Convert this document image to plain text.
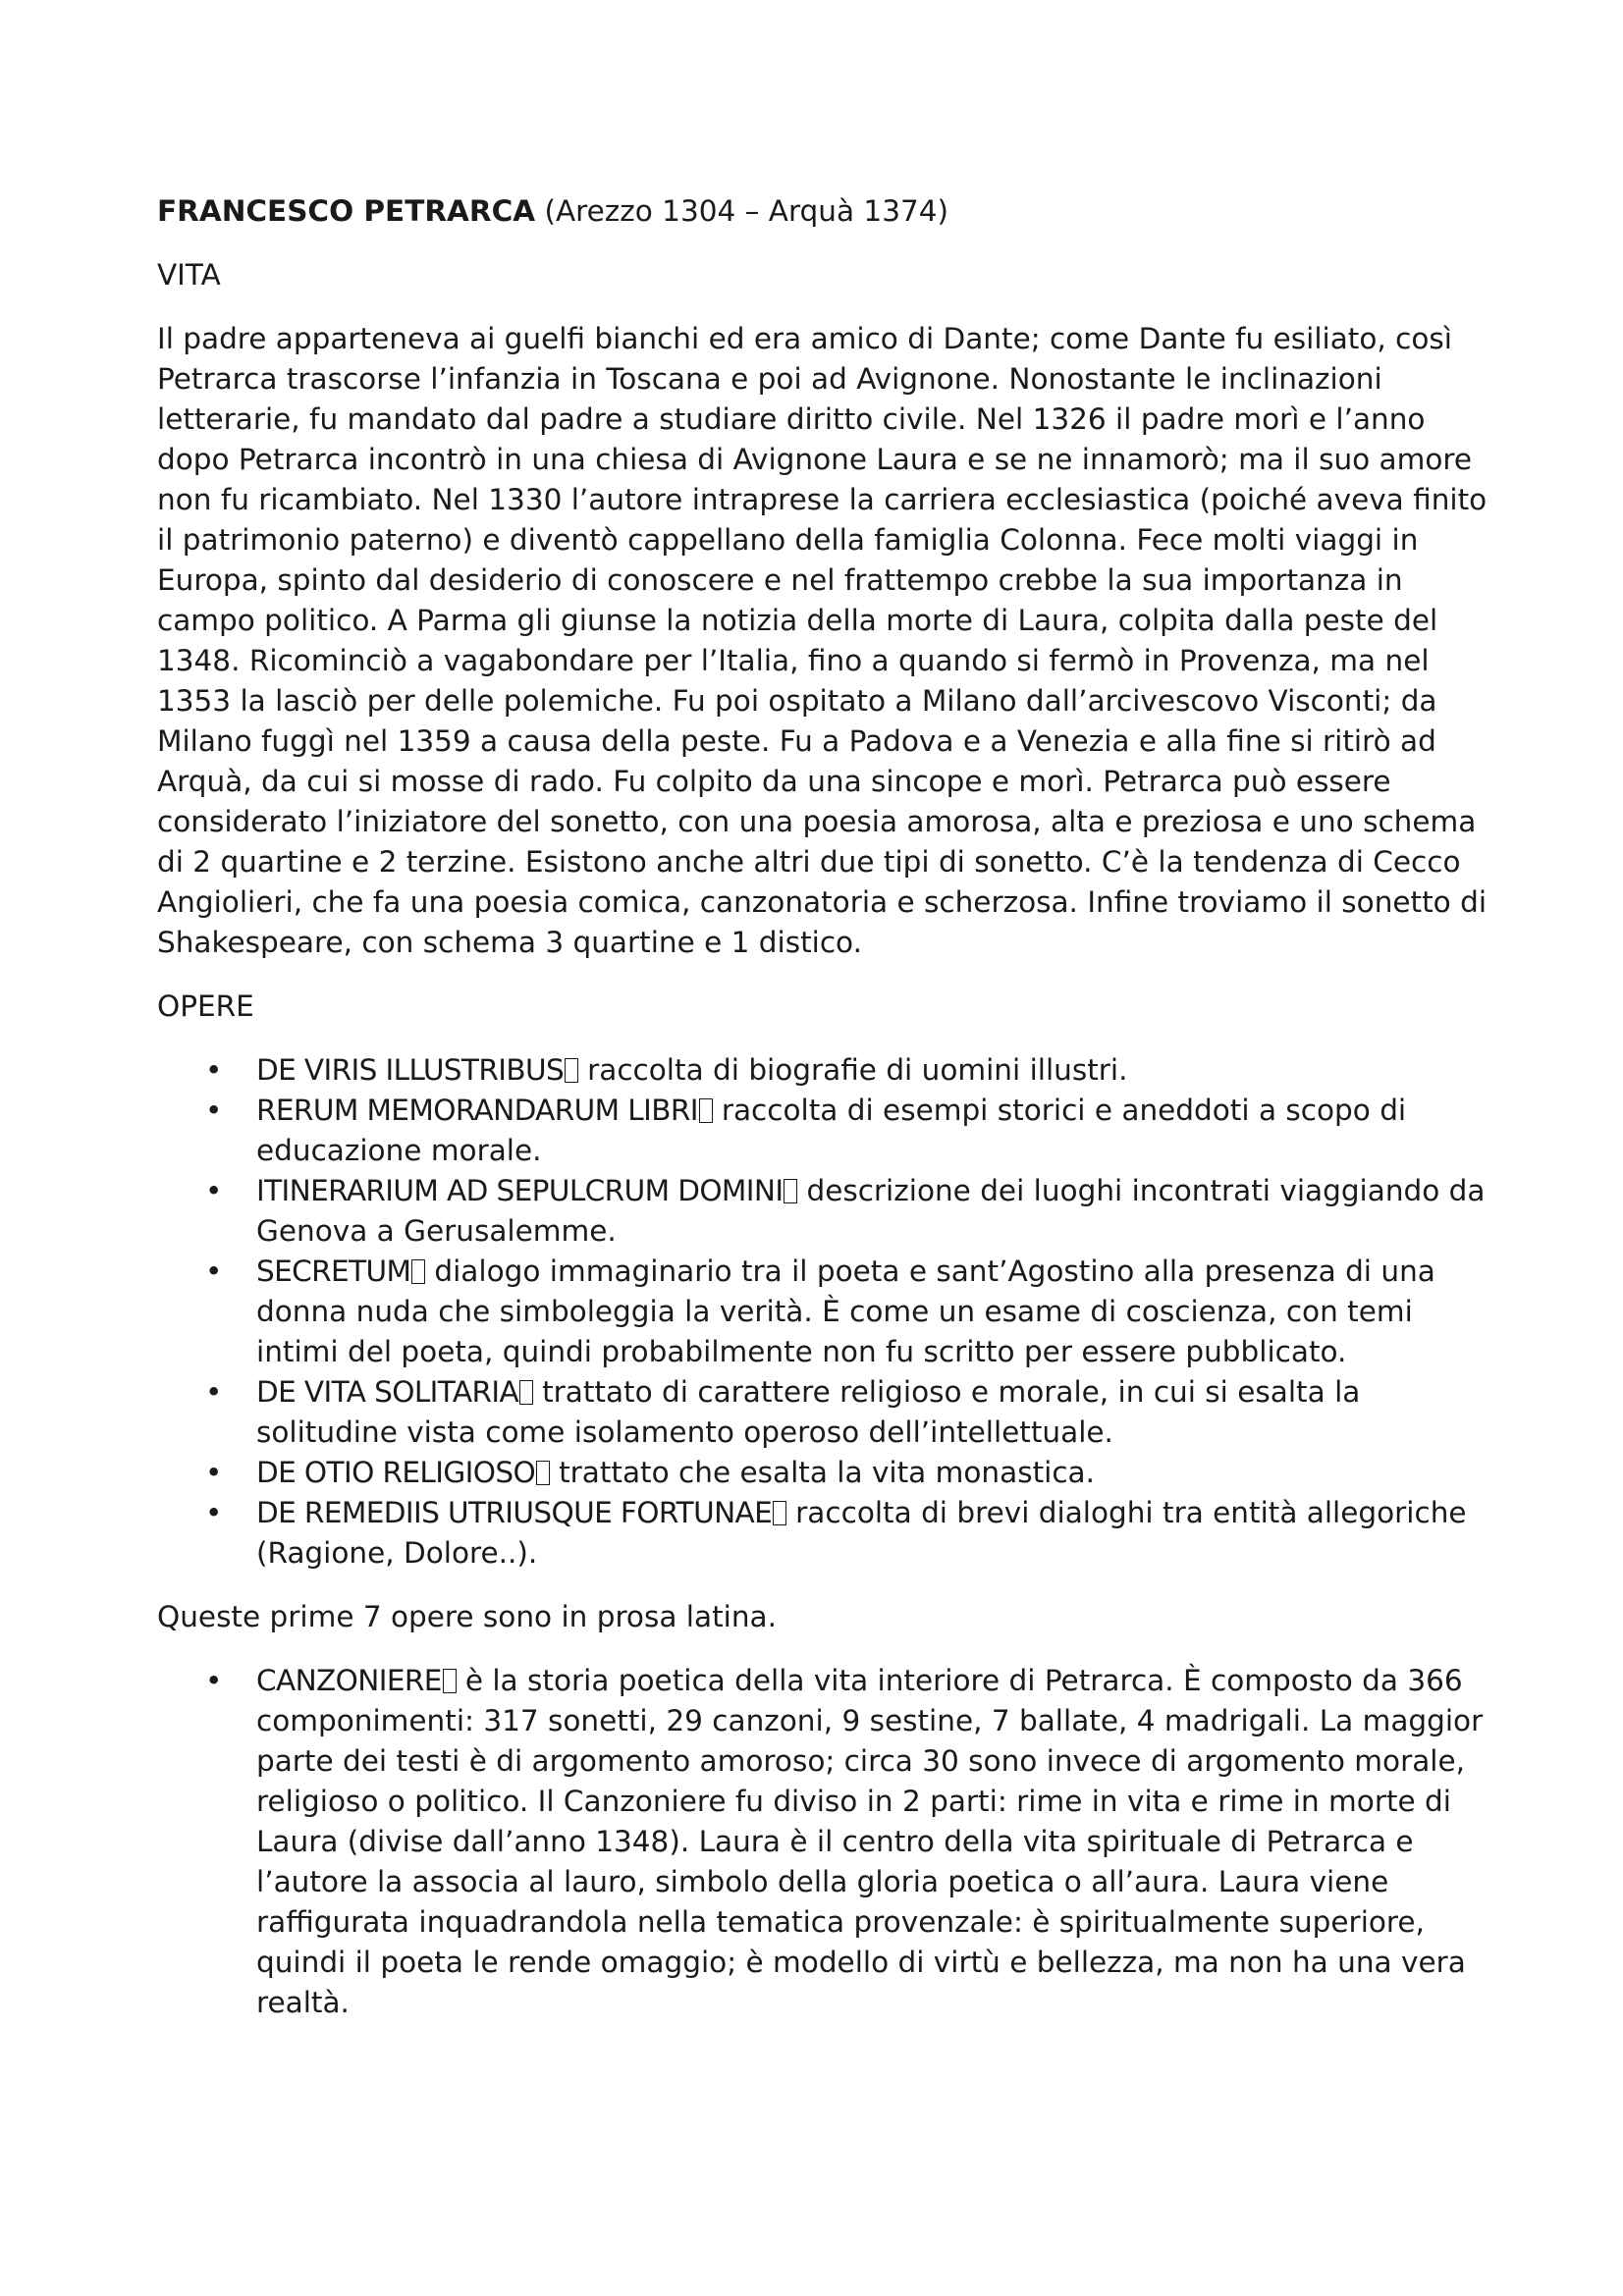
FRANCESCO PETRARCA (Arezzo 1304 – Arquà 1374)

VITA

Il padre apparteneva ai guelfi bianchi ed era amico di Dante; come Dante fu esiliato, così Petrarca trascorse l’infanzia in Toscana e poi ad Avignone. Nonostante le inclinazioni letterarie, fu mandato dal padre a studiare diritto civile. Nel 1326 il padre morì e l’anno dopo Petrarca incontrò in una chiesa di Avignone Laura e se ne innamorò; ma il suo amore non fu ricambiato. Nel 1330 l’autore intraprese la carriera ecclesiastica (poiché aveva finito il patrimonio paterno) e diventò cappellano della famiglia Colonna. Fece molti viaggi in Europa, spinto dal desiderio di conoscere e nel frattempo crebbe la sua importanza in campo politico. A Parma gli giunse la notizia della morte di Laura, colpita dalla peste del 1348. Ricominciò a vagabondare per l’Italia, fino a quando si fermò in Provenza, ma nel 1353 la lasciò per delle polemiche. Fu poi ospitato a Milano dall’arcivescovo Visconti; da Milano fuggì nel 1359 a causa della peste. Fu a Padova e a Venezia e alla fine si ritirò ad Arquà, da cui si mosse di rado. Fu colpito da una sincope e morì. Petrarca può essere considerato l’iniziatore del sonetto, con una poesia amorosa, alta e preziosa e uno schema di 2 quartine e 2 terzine. Esistono anche altri due tipi di sonetto. C’è la tendenza di Cecco Angiolieri, che fa una poesia comica, canzonatoria e scherzosa. Infine troviamo il sonetto di Shakespeare, con schema 3 quartine e 1 distico.

OPERE

• DE VIRIS ILLUSTRIBUS raccolta di biografie di uomini illustri.
• RERUM MEMORANDARUM LIBRI raccolta di esempi storici e aneddoti a scopo di educazione morale.
• ITINERARIUM AD SEPULCRUM DOMINI descrizione dei luoghi incontrati viaggiando da Genova a Gerusalemme.
• SECRETUM dialogo immaginario tra il poeta e sant’Agostino alla presenza di una donna nuda che simboleggia la verità. È come un esame di coscienza, con temi intimi del poeta, quindi probabilmente non fu scritto per essere pubblicato.
• DE VITA SOLITARIA trattato di carattere religioso e morale, in cui si esalta la solitudine vista come isolamento operoso dell’intellettuale.
• DE OTIO RELIGIOSO trattato che esalta la vita monastica.
• DE REMEDIIS UTRIUSQUE FORTUNAE raccolta di brevi dialoghi tra entità allegoriche (Ragione, Dolore..).

Queste prime 7 opere sono in prosa latina.

• CANZONIERE è la storia poetica della vita interiore di Petrarca. È composto da 366 componimenti: 317 sonetti, 29 canzoni, 9 sestine, 7 ballate, 4 madrigali. La maggior parte dei testi è di argomento amoroso; circa 30 sono invece di argomento morale, religioso o politico. Il Canzoniere fu diviso in 2 parti: rime in vita e rime in morte di Laura (divise dall’anno 1348). Laura è il centro della vita spirituale di Petrarca e l’autore la associa al lauro, simbolo della gloria poetica o all’aura. Laura viene raffigurata inquadrandola nella tematica provenzale: è spiritualmente superiore, quindi il poeta le rende omaggio; è modello di virtù e bellezza, ma non ha una vera realtà.
